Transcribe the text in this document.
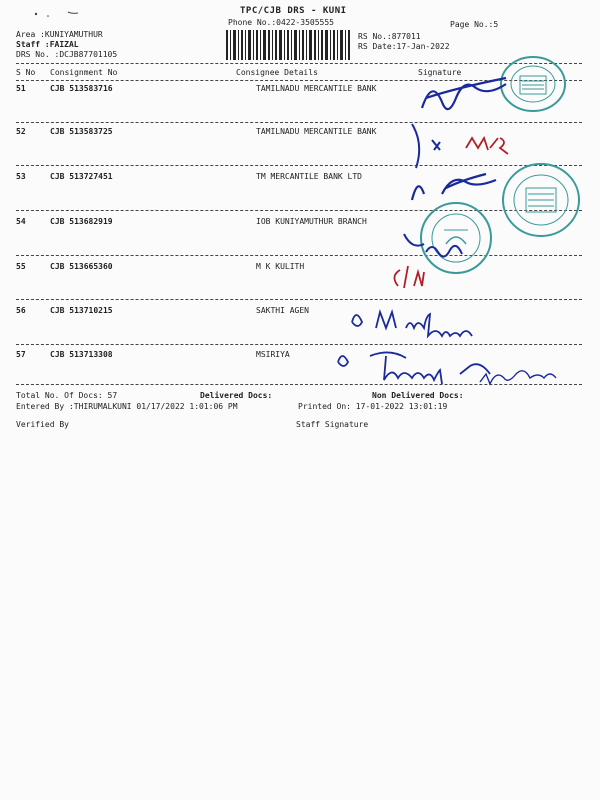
TPC/CJB DRS - KUNI
Phone No.:0422-3505555	Page No.:5
Area :KUNIYAMUTHUR
Staff :FAIZAL
DRS No. :DCJB87701105
RS No.:877011
RS Date:17-Jan-2022
S No Consignment No	Consignee Details	Signature
51	CJB 513583716	TAMILNADU MERCANTILE BANK
52	CJB 513583725	TAMILNADU MERCANTILE BANK
53	CJB 513727451	TM MERCANTILE BANK LTD
54	CJB 513682919	IOB KUNIYAMUTHUR BRANCH
55	CJB 513665360	M K KULITH
56	CJB 513710215	SAKTHI AGEN
57	CJB 513713308	MSIRIYA
Total No. Of Docs: 57	Delivered Docs:	Non Delivered Docs:
Entered By :THIRUMALKUNI 01/17/2022 1:01:06 PM	Printed On: 17-01-2022 13:01:19
Verified By	Staff Signature
